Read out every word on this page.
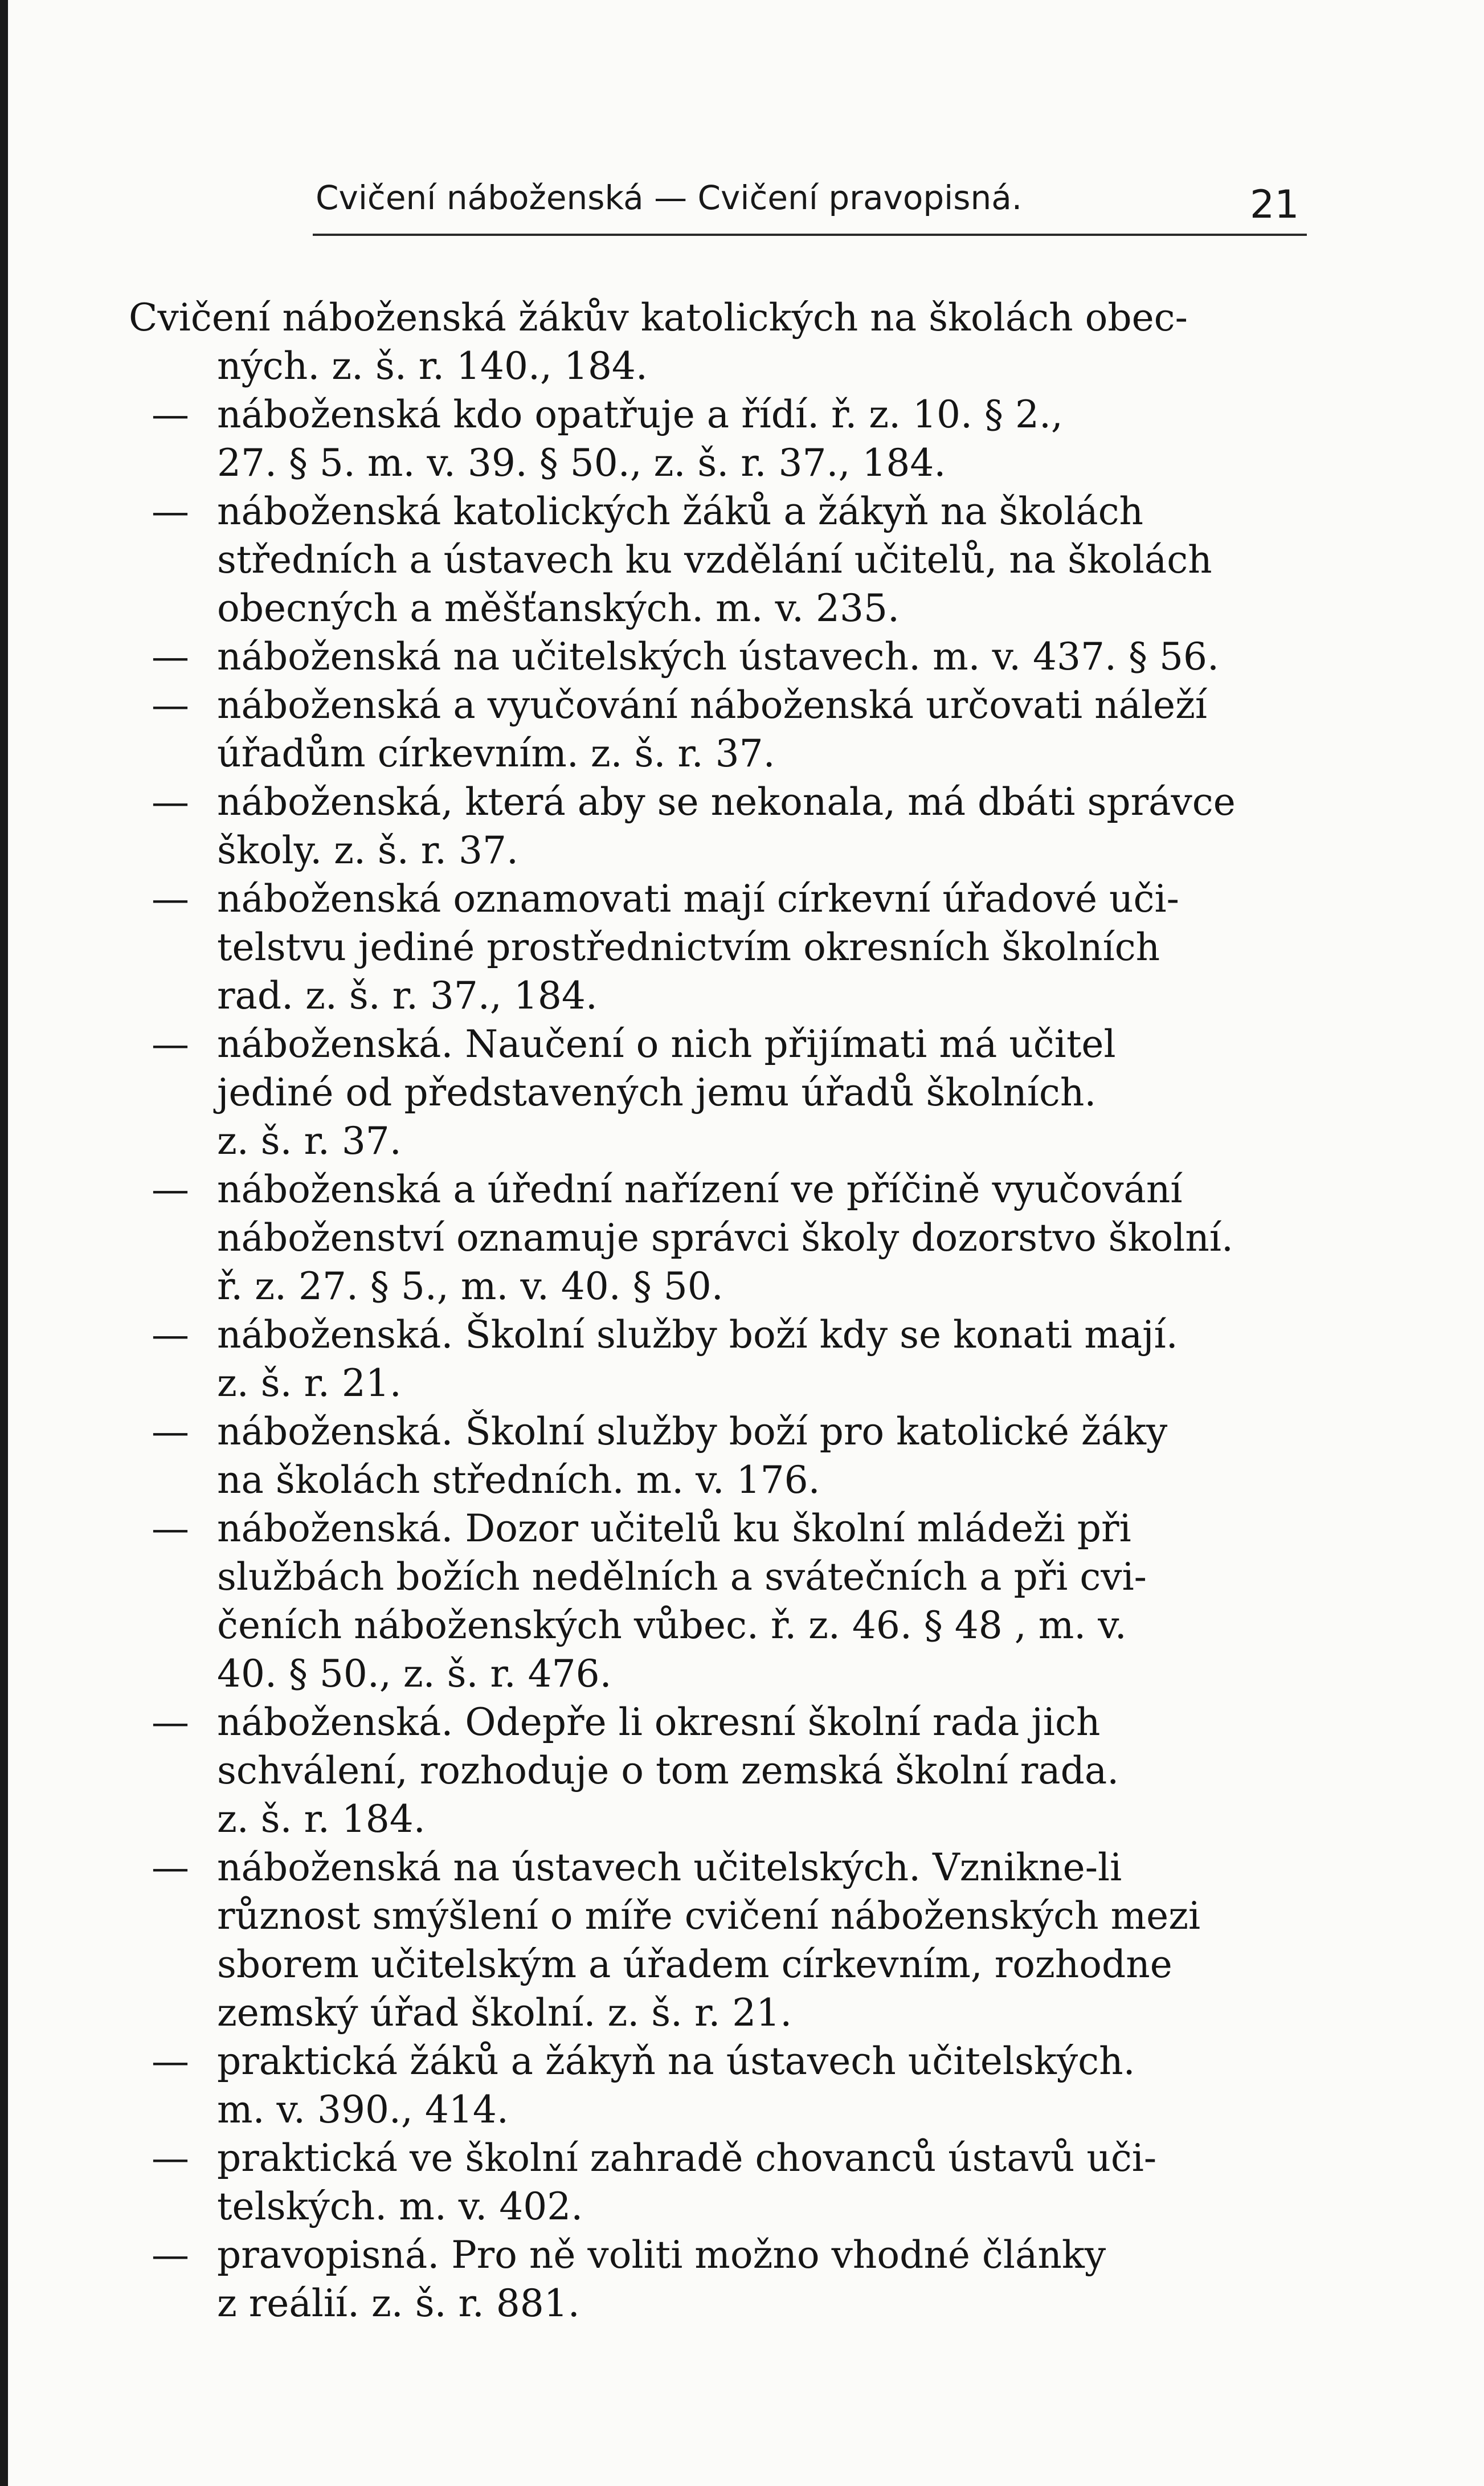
Cvičení náboženská — Cvičení pravopisná.	21
Cvičení náboženská žákův katolických na školách obec-
ných. z. š. r. 140., 184.
— náboženská kdo opatřuje a řídí. ř. z. 10. § 2.,
27. § 5. m. v. 39. § 50., z. š. r. 37., 184.
— náboženská katolických žáků a žákyň na školách
středních a ústavech ku vzdělání učitelů, na školách
obecných a měšťanských. m. v. 235.
— náboženská na učitelských ústavech. m. v. 437. § 56.
— náboženská a vyučování náboženská určovati náleží
úřadům církevním. z. š. r. 37.
— náboženská, která aby se nekonala, má dbáti správce
školy. z. š. r. 37.
— náboženská oznamovati mají církevní úřadové uči-
telstvu jediné prostřednictvím okresních školních
rad. z. š. r. 37., 184.
— náboženská. Naučení o nich přijímati má učitel
jediné od představených jemu úřadů školních.
z. š. r. 37.
— náboženská a úřední nařízení ve příčině vyučování
náboženství oznamuje správci školy dozorstvo školní.
ř. z. 27. § 5., m. v. 40. § 50.
— náboženská. Školní služby boží kdy se konati mají.
z. š. r. 21.
— náboženská. Školní služby boží pro katolické žáky
na školách středních. m. v. 176.
— náboženská. Dozor učitelů ku školní mládeži při
službách božích nedělních a svátečních a při cvi-
čeních náboženských vůbec. ř. z. 46. § 48 , m. v.
40. § 50., z. š. r. 476.
— náboženská. Odepře li okresní školní rada jich
schválení, rozhoduje o tom zemská školní rada.
z. š. r. 184.
— náboženská na ústavech učitelských. Vznikne-li
různost smýšlení o míře cvičení náboženských mezi
sborem učitelským a úřadem církevním, rozhodne
zemský úřad školní. z. š. r. 21.
— praktická žáků a žákyň na ústavech učitelských.
m. v. 390., 414.
— praktická ve školní zahradě chovanců ústavů uči-
telských. m. v. 402.
— pravopisná. Pro ně voliti možno vhodné články
z reálií. z. š. r. 881.
